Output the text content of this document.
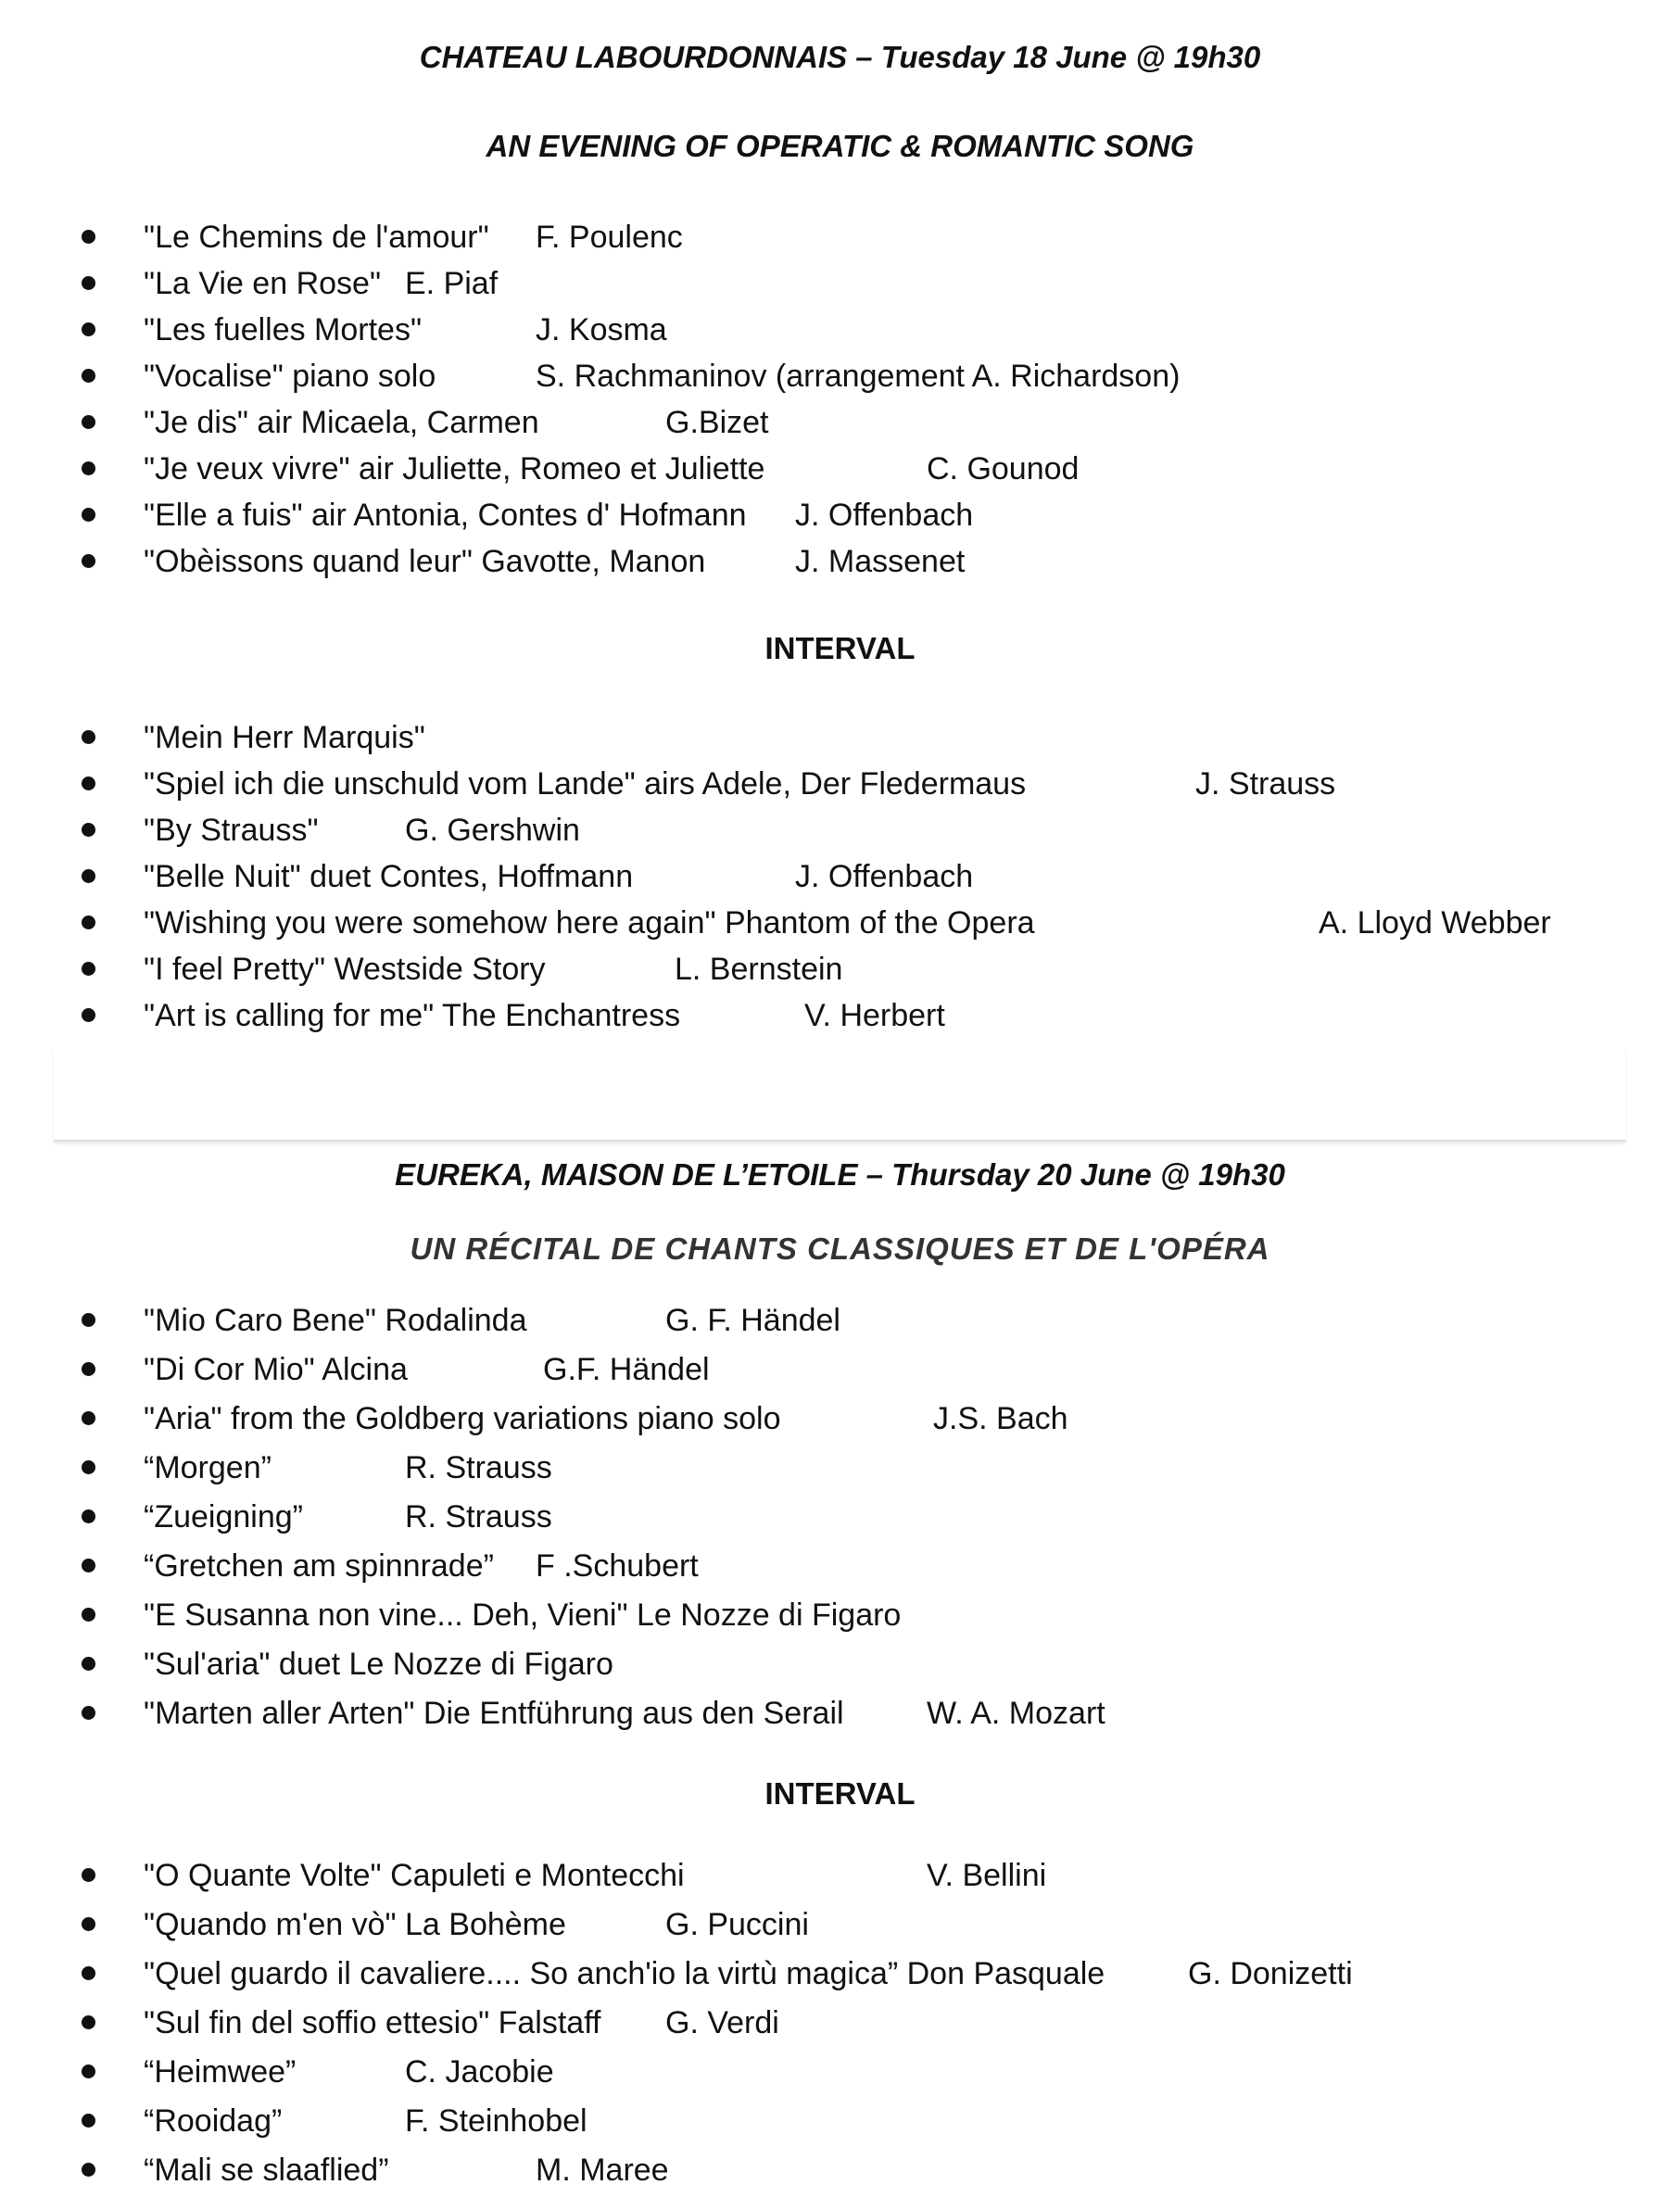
CHATEAU LABOURDONNAIS – Tuesday 18 June @ 19h30
AN EVENING OF OPERATIC & ROMANTIC SONG
"Le Chemins de l'amour" F. Poulenc
"La Vie en Rose" E. Piaf
"Les fuelles Mortes"	J. Kosma
"Vocalise" piano solo	S. Rachmaninov (arrangement A. Richardson)
"Je dis" air Micaela, Carmen	G.Bizet
"Je veux vivre" air Juliette, Romeo et Juliette	C. Gounod
"Elle a fuis" air Antonia, Contes d' Hofmann J. Offenbach
"Obèissons quand leur" Gavotte, Manon	J. Massenet
INTERVAL
"Mein Herr Marquis"
"Spiel ich die unschuld vom Lande" airs Adele, Der Fledermaus	J. Strauss
"By Strauss"	G. Gershwin
"Belle Nuit" duet Contes, Hoffmann	J. Offenbach
"Wishing you were somehow here again" Phantom of the Opera	A. Lloyd Webber
"I feel Pretty" Westside Story	L. Bernstein
"Art is calling for me" The Enchantress	V. Herbert
EUREKA, MAISON DE L’ETOILE – Thursday 20 June @ 19h30
UN RÉCITAL DE CHANTS CLASSIQUES ET DE L'OPÉRA
"Mio Caro Bene" Rodalinda	G. F. Händel
"Di Cor Mio" Alcina	G.F. Händel
"Aria" from the Goldberg variations piano solo	J.S. Bach
“Morgen”	R. Strauss
“Zueigning”	R. Strauss
“Gretchen am spinnrade” F .Schubert
"E Susanna non vine... Deh, Vieni" Le Nozze di Figaro
"Sul'aria" duet Le Nozze di Figaro
"Marten aller Arten" Die Entführung aus den Serail	W. A. Mozart
INTERVAL
"O Quante Volte" Capuleti e Montecchi	V. Bellini
"Quando m'en vò" La Bohème	G. Puccini
"Quel guardo il cavaliere.... So anch'io la virtù magica” Don Pasquale	G. Donizetti
"Sul fin del soffio ettesio" Falstaff G. Verdi
“Heimwee”	C. Jacobie
“Rooidag”	F. Steinhobel
“Mali se slaaflied”	M. Maree
